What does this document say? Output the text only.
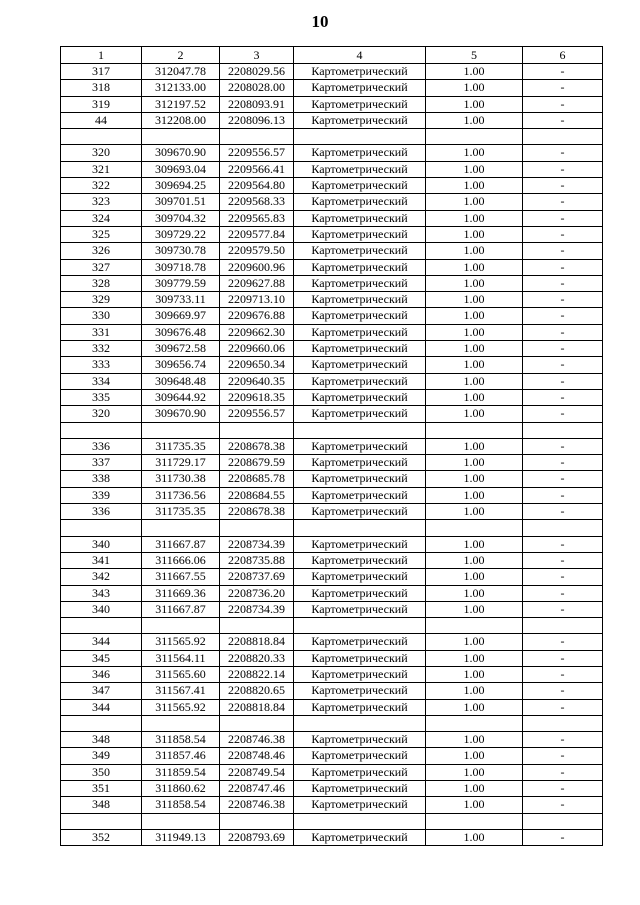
10
1	2	3	4	5	6
317	312047.78	2208029.56	Картометрический	1.00	-
318	312133.00	2208028.00	Картометрический	1.00	-
319	312197.52	2208093.91	Картометрический	1.00	-
44	312208.00	2208096.13	Картометрический	1.00	-

320	309670.90	2209556.57	Картометрический	1.00	-
321	309693.04	2209566.41	Картометрический	1.00	-
322	309694.25	2209564.80	Картометрический	1.00	-
323	309701.51	2209568.33	Картометрический	1.00	-
324	309704.32	2209565.83	Картометрический	1.00	-
325	309729.22	2209577.84	Картометрический	1.00	-
326	309730.78	2209579.50	Картометрический	1.00	-
327	309718.78	2209600.96	Картометрический	1.00	-
328	309779.59	2209627.88	Картометрический	1.00	-
329	309733.11	2209713.10	Картометрический	1.00	-
330	309669.97	2209676.88	Картометрический	1.00	-
331	309676.48	2209662.30	Картометрический	1.00	-
332	309672.58	2209660.06	Картометрический	1.00	-
333	309656.74	2209650.34	Картометрический	1.00	-
334	309648.48	2209640.35	Картометрический	1.00	-
335	309644.92	2209618.35	Картометрический	1.00	-
320	309670.90	2209556.57	Картометрический	1.00	-

336	311735.35	2208678.38	Картометрический	1.00	-
337	311729.17	2208679.59	Картометрический	1.00	-
338	311730.38	2208685.78	Картометрический	1.00	-
339	311736.56	2208684.55	Картометрический	1.00	-
336	311735.35	2208678.38	Картометрический	1.00	-

340	311667.87	2208734.39	Картометрический	1.00	-
341	311666.06	2208735.88	Картометрический	1.00	-
342	311667.55	2208737.69	Картометрический	1.00	-
343	311669.36	2208736.20	Картометрический	1.00	-
340	311667.87	2208734.39	Картометрический	1.00	-

344	311565.92	2208818.84	Картометрический	1.00	-
345	311564.11	2208820.33	Картометрический	1.00	-
346	311565.60	2208822.14	Картометрический	1.00	-
347	311567.41	2208820.65	Картометрический	1.00	-
344	311565.92	2208818.84	Картометрический	1.00	-

348	311858.54	2208746.38	Картометрический	1.00	-
349	311857.46	2208748.46	Картометрический	1.00	-
350	311859.54	2208749.54	Картометрический	1.00	-
351	311860.62	2208747.46	Картометрический	1.00	-
348	311858.54	2208746.38	Картометрический	1.00	-

352	311949.13	2208793.69	Картометрический	1.00	-
